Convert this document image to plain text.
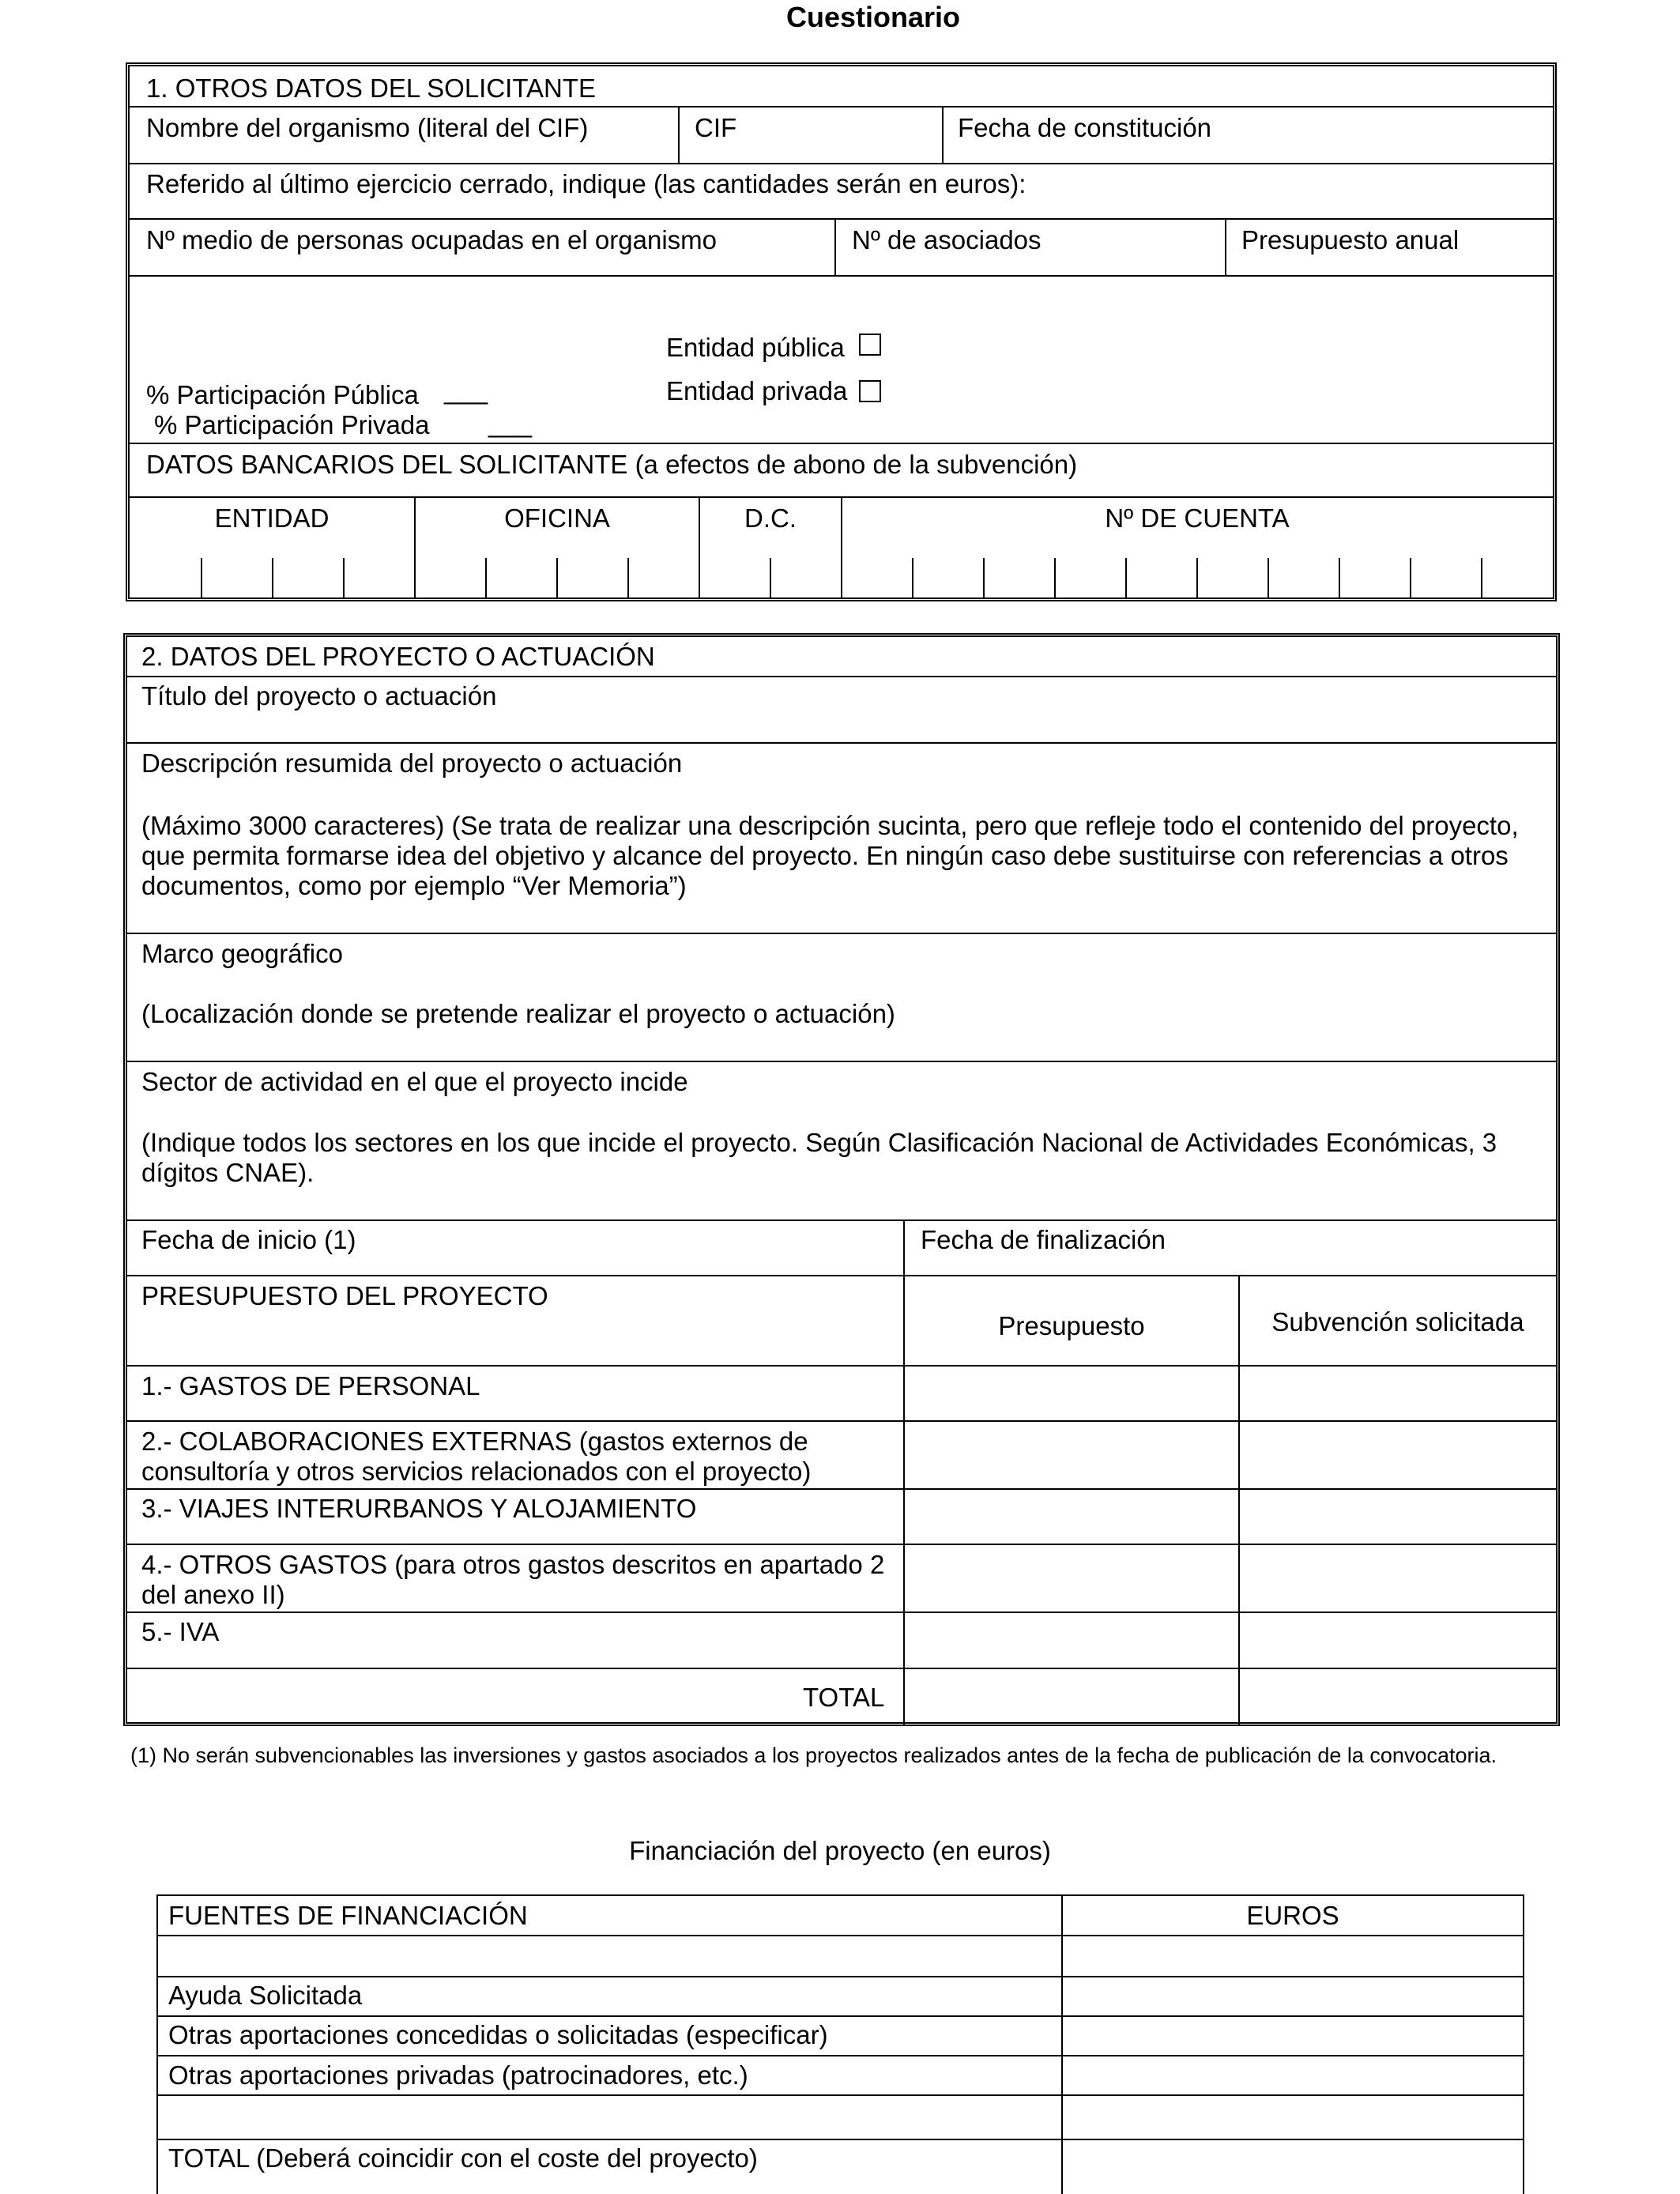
Cuestionario
1. OTROS DATOS DEL SOLICITANTE
Nombre del organismo (literal del CIF)	CIF	Fecha de constitución
Referido al último ejercicio cerrado, indique (las cantidades serán en euros):
Nº medio de personas ocupadas en el organismo	Nº de asociados	Presupuesto anual
Entidad pública
Entidad privada
% Participación Pública ___
% Participación Privada ___
DATOS BANCARIOS DEL SOLICITANTE (a efectos de abono de la subvención)
ENTIDAD	OFICINA	D.C.	Nº DE CUENTA
2. DATOS DEL PROYECTO O ACTUACIÓN
Título del proyecto o actuación
Descripción resumida del proyecto o actuación
(Máximo 3000 caracteres) (Se trata de realizar una descripción sucinta, pero que refleje todo el contenido del proyecto, que permita formarse idea del objetivo y alcance del proyecto. En ningún caso debe sustituirse con referencias a otros documentos, como por ejemplo “Ver Memoria”)
Marco geográfico
(Localización donde se pretende realizar el proyecto o actuación)
Sector de actividad en el que el proyecto incide
(Indique todos los sectores en los que incide el proyecto. Según Clasificación Nacional de Actividades Económicas, 3 dígitos CNAE).
Fecha de inicio (1)	Fecha de finalización
PRESUPUESTO DEL PROYECTO
Presupuesto	Subvención solicitada
1.- GASTOS DE PERSONAL
2.- COLABORACIONES EXTERNAS (gastos externos de consultoría y otros servicios relacionados con el proyecto)
3.- VIAJES INTERURBANOS Y ALOJAMIENTO
4.- OTROS GASTOS (para otros gastos descritos en apartado 2 del anexo II)
5.- IVA
TOTAL
(1) No serán subvencionables las inversiones y gastos asociados a los proyectos realizados antes de la fecha de publicación de la convocatoria.
Financiación del proyecto (en euros)
FUENTES DE FINANCIACIÓN	EUROS
Ayuda Solicitada
Otras aportaciones concedidas o solicitadas (especificar)
Otras aportaciones privadas (patrocinadores, etc.)
TOTAL (Deberá coincidir con el coste del proyecto)
